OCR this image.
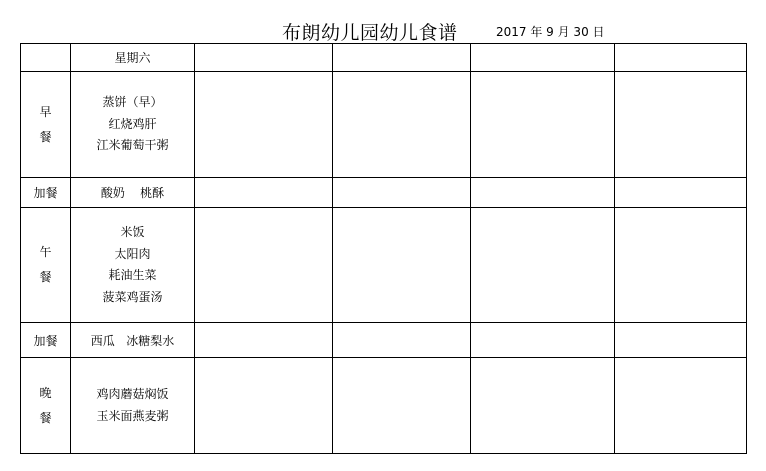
布朗幼儿园幼儿食谱	2017 年 9 月 30 日
	星期六				

早
餐	蒸饼（早）
红烧鸡肝
江米葡萄干粥				

加餐	酸奶    桃酥				

午
餐	米饭
太阳肉
耗油生菜
菠菜鸡蛋汤				

加餐	西瓜   冰糖梨水				

晚
餐	鸡肉蘑菇焖饭
玉米面燕麦粥				
